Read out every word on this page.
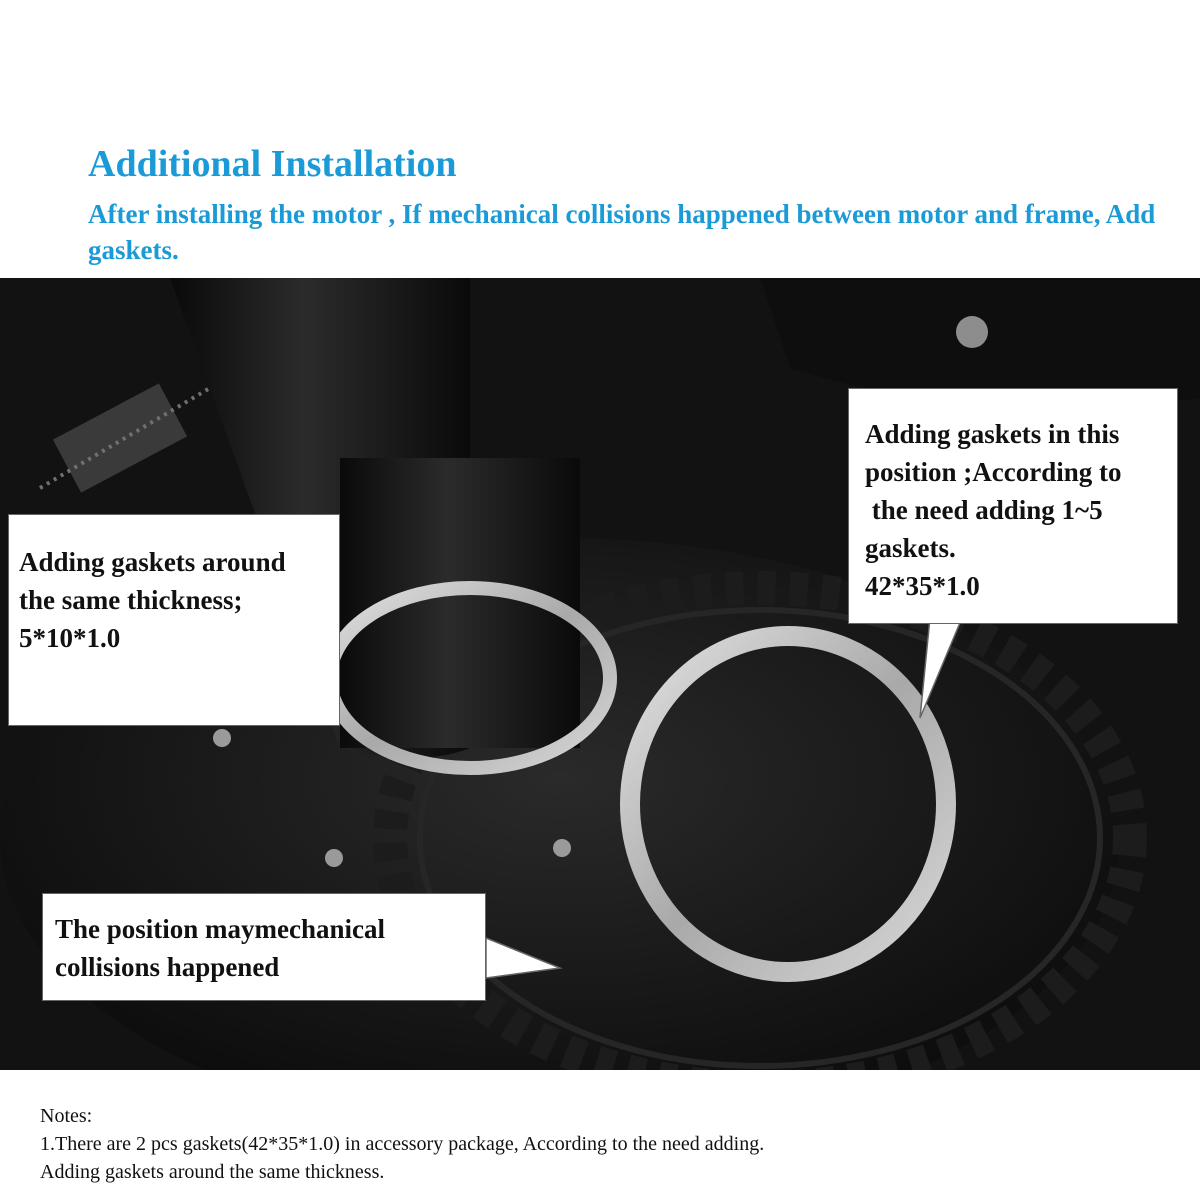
Additional Installation
After installing the motor , If mechanical collisions happened between motor and frame, Add gaskets.
Adding gaskets in this
position ;According to
the need adding 1~5
gaskets.
42*35*1.0
Adding gaskets around
the same thickness;
5*10*1.0
The position maymechanical
collisions happened
Notes:
1.There are 2 pcs gaskets(42*35*1.0) in accessory package, According to the need adding.
Adding gaskets around the same thickness.
